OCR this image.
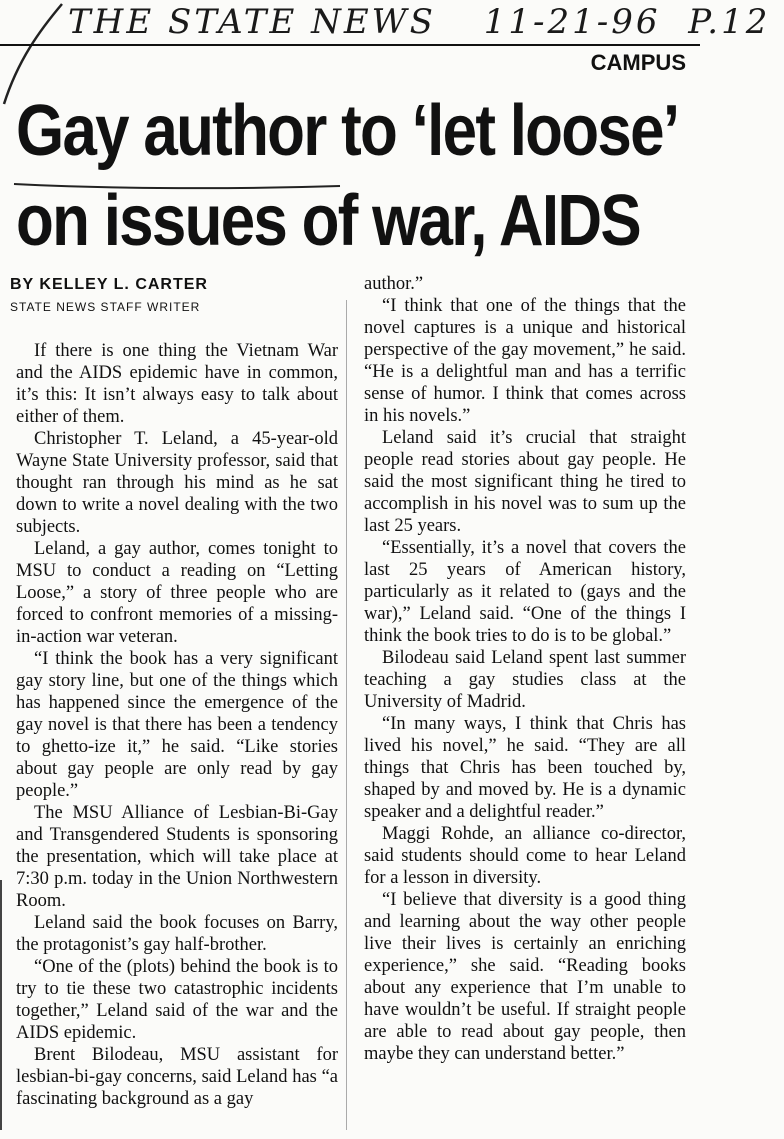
THE STATE NEWS 11-21-96 P.12
CAMPUS
Gay author to ‘let loose’
on issues of war, AIDS
BY KELLEY L. CARTER
STATE NEWS STAFF WRITER

If there is one thing the Vietnam War and the AIDS epidemic have in common, it’s this: It isn’t always easy to talk about either of them.

Christopher T. Leland, a 45-year-old Wayne State University professor, said that thought ran through his mind as he sat down to write a novel dealing with the two subjects.

Leland, a gay author, comes tonight to MSU to conduct a reading on “Letting Loose,” a story of three people who are forced to confront memories of a missing-in-action war veteran.

“I think the book has a very significant gay story line, but one of the things which has happened since the emergence of the gay novel is that there has been a tendency to ghetto-ize it,” he said. “Like stories about gay people are only read by gay people.”

The MSU Alliance of Lesbian-Bi-Gay and Transgendered Students is sponsoring the presentation, which will take place at 7:30 p.m. today in the Union Northwestern Room.

Leland said the book focuses on Barry, the protagonist’s gay half-brother.

“One of the (plots) behind the book is to try to tie these two catastrophic incidents together,” Leland said of the war and the AIDS epidemic.

Brent Bilodeau, MSU assistant for lesbian-bi-gay concerns, said Leland has “a fascinating background as a gay

author.”

“I think that one of the things that the novel captures is a unique and historical perspective of the gay movement,” he said. “He is a delightful man and has a terrific sense of humor. I think that comes across in his novels.”

Leland said it’s crucial that straight people read stories about gay people. He said the most significant thing he tired to accomplish in his novel was to sum up the last 25 years.

“Essentially, it’s a novel that covers the last 25 years of American history, particularly as it related to (gays and the war),” Leland said. “One of the things I think the book tries to do is to be global.”

Bilodeau said Leland spent last summer teaching a gay studies class at the University of Madrid.

“In many ways, I think that Chris has lived his novel,” he said. “They are all things that Chris has been touched by, shaped by and moved by. He is a dynamic speaker and a delightful reader.”

Maggi Rohde, an alliance co-director, said students should come to hear Leland for a lesson in diversity.

“I believe that diversity is a good thing and learning about the way other people live their lives is certainly an enriching experience,” she said. “Reading books about any experience that I’m unable to have wouldn’t be useful. If straight people are able to read about gay people, then maybe they can understand better.”
